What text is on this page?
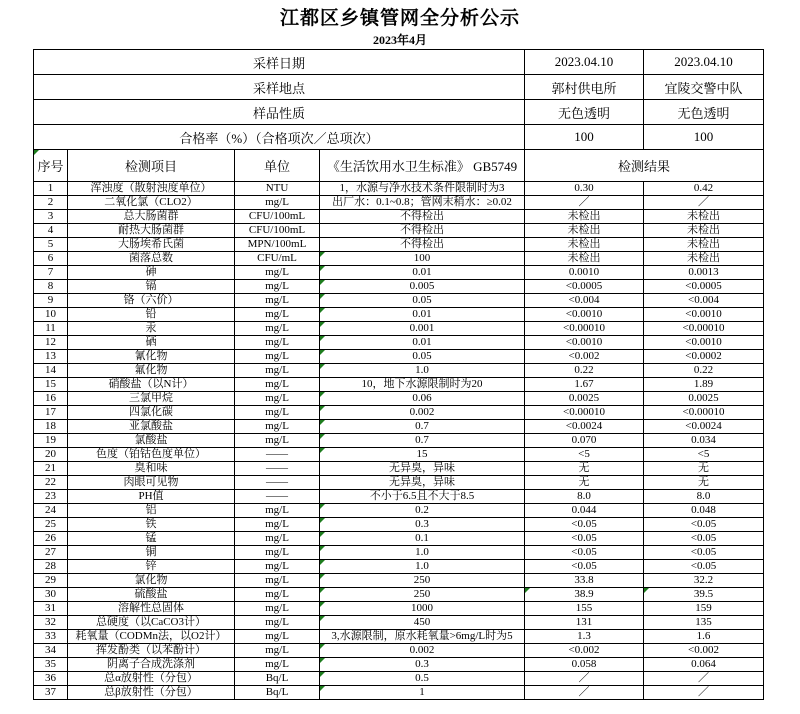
江都区乡镇管网全分析公示
2023年4月
采样日期				2023.04.10	2023.04.10
采样地点				郭村供电所	宜陵交警中队
样品性质				无色透明	无色透明
合格率（%）（合格项次／总项次）				100	100

序号	检测项目	单位	《生活饮用水卫生标准》 GB5749	检测结果	
1	浑浊度（散射浊度单位）	NTU	1，水源与净水技术条件限制时为3	0.30	0.42
2	二氧化氯（CLO2）	mg/L	出厂水：0.1~0.8；管网末稍水：≥0.02	／	／
3	总大肠菌群	CFU/100mL	不得检出	未检出	未检出
4	耐热大肠菌群	CFU/100mL	不得检出	未检出	未检出
5	大肠埃希氏菌	MPN/100mL	不得检出	未检出	未检出
6	菌落总数	CFU/mL	100	未检出	未检出
7	砷	mg/L	0.01	0.0010	0.0013
8	镉	mg/L	0.005	<0.0005	<0.0005
9	铬（六价）	mg/L	0.05	<0.004	<0.004
10	铅	mg/L	0.01	<0.0010	<0.0010
11	汞	mg/L	0.001	<0.00010	<0.00010
12	硒	mg/L	0.01	<0.0010	<0.0010
13	氰化物	mg/L	0.05	<0.002	<0.0002
14	氟化物	mg/L	1.0	0.22	0.22
15	硝酸盐（以N计）	mg/L	10，地下水源限制时为20	1.67	1.89
16	三氯甲烷	mg/L	0.06	0.0025	0.0025
17	四氯化碳	mg/L	0.002	<0.00010	<0.00010
18	亚氯酸盐	mg/L	0.7	<0.0024	<0.0024
19	氯酸盐	mg/L	0.7	0.070	0.034
20	色度（铂钴色度单位）	——	15	<5	<5
21	臭和味	——	无异臭，异味	无	无
22	肉眼可见物	——	无异臭，异味	无	无
23	PH值	——	不小于6.5且不大于8.5	8.0	8.0
24	铝	mg/L	0.2	0.044	0.048
25	铁	mg/L	0.3	<0.05	<0.05
26	锰	mg/L	0.1	<0.05	<0.05
27	铜	mg/L	1.0	<0.05	<0.05
28	锌	mg/L	1.0	<0.05	<0.05
29	氯化物	mg/L	250	33.8	32.2
30	硫酸盐	mg/L	250	38.9	39.5
31	溶解性总固体	mg/L	1000	155	159
32	总硬度（以CaCO3计）	mg/L	450	131	135
33	耗氧量（CODMn法，以O2计）	mg/L	3,水源限制，原水耗氧量>6mg/L时为5	1.3	1.6
34	挥发酚类（以苯酚计）	mg/L	0.002	<0.002	<0.002
35	阴离子合成洗涤剂	mg/L	0.3	0.058	0.064
36	总α放射性（分包）	Bq/L	0.5	／	／
37	总β放射性（分包）	Bq/L	1	／	／
